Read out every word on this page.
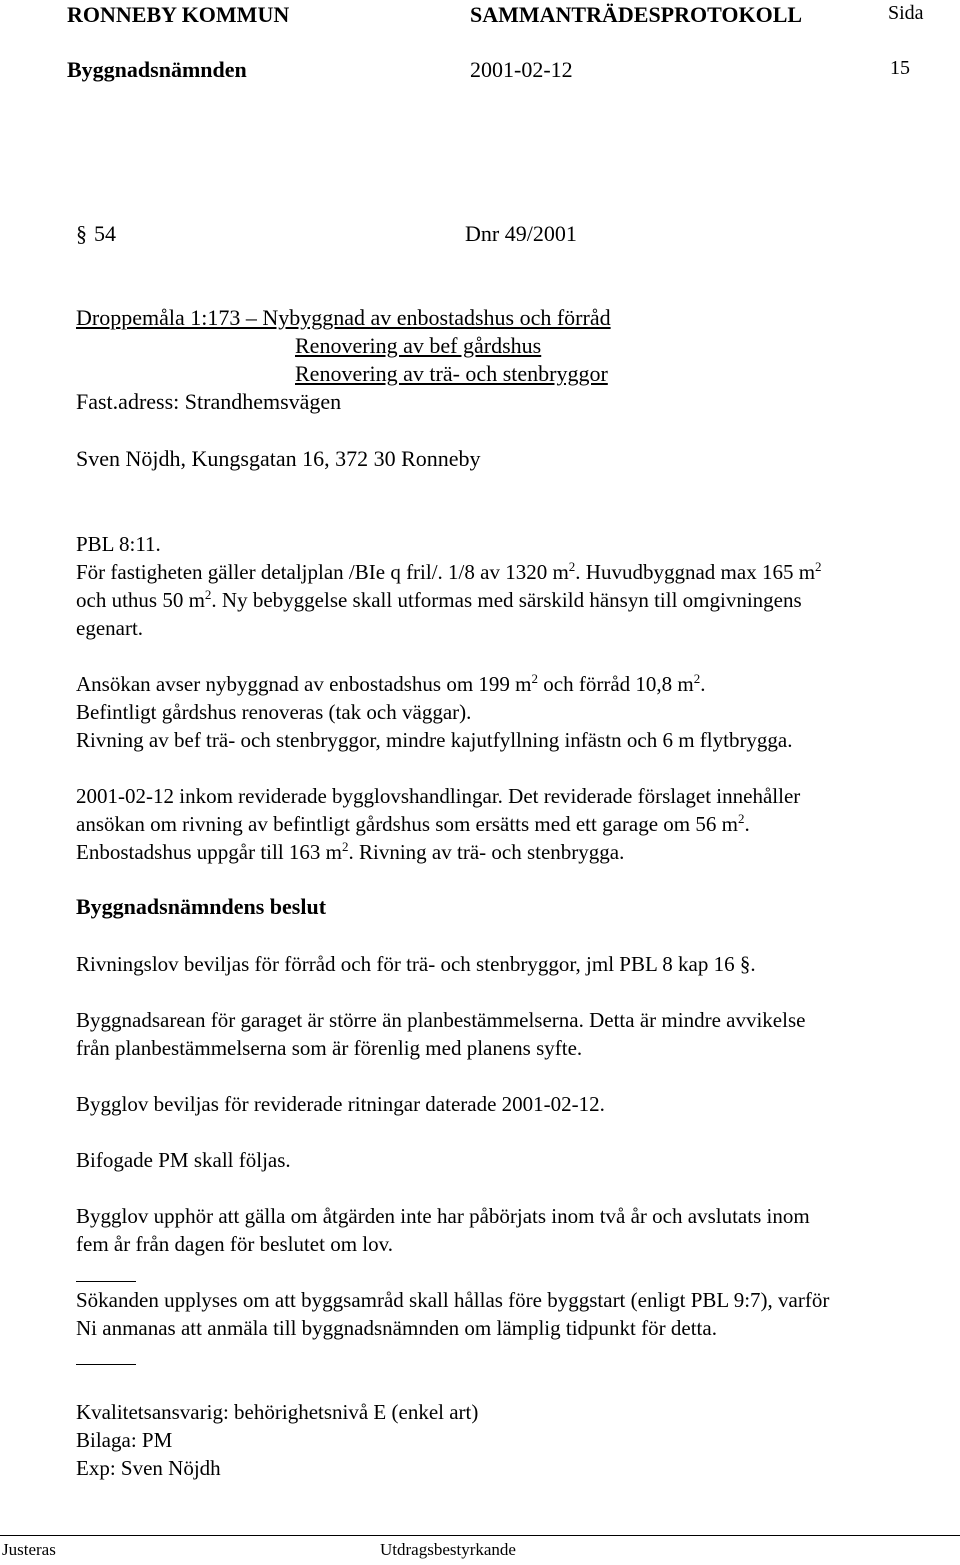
RONNEBY KOMMUN	SAMMANTRÄDESPROTOKOLL	Sida
Byggnadsnämnden	2001-02-12	15
§ 54	Dnr 49/2001
Droppemåla 1:173 – Nybyggnad av enbostadshus och förråd
Renovering av bef gårdshus
Renovering av trä- och stenbryggor
Fast.adress: Strandhemsvägen
Sven Nöjdh, Kungsgatan 16, 372 30 Ronneby
PBL 8:11.
För fastigheten gäller detaljplan /BIe q fril/. 1/8 av 1320 $m^2$. Huvudbyggnad max 165 $m^2$
och uthus 50 $m^2$. Ny bebyggelse skall utformas med särskild hänsyn till omgivningens
egenart.
Ansökan avser nybyggnad av enbostadshus om 199 $m^2$ och förråd 10,8 $m^2$.
Befintligt gårdshus renoveras (tak och väggar).
Rivning av bef trä- och stenbryggor, mindre kajutfyllning infästn och 6 m flytbrygga.
2001-02-12 inkom reviderade bygglovshandlingar. Det reviderade förslaget innehåller
ansökan om rivning av befintligt gårdshus som ersätts med ett garage om 56 $m^2$.
Enbostadshus uppgår till 163 $m^2$. Rivning av trä- och stenbrygga.
Byggnadsnämndens beslut
Rivningslov beviljas för förråd och för trä- och stenbryggor, jml PBL 8 kap 16 §.
Byggnadsarean för garaget är större än planbestämmelserna. Detta är mindre avvikelse
från planbestämmelserna som är förenlig med planens syfte.
Bygglov beviljas för reviderade ritningar daterade 2001-02-12.
Bifogade PM skall följas.
Bygglov upphör att gälla om åtgärden inte har påbörjats inom två år och avslutats inom
fem år från dagen för beslutet om lov.
Sökanden upplyses om att byggsamråd skall hållas före byggstart (enligt PBL 9:7), varför
Ni anmanas att anmäla till byggnadsnämnden om lämplig tidpunkt för detta.
Kvalitetsansvarig: behörighetsnivå E (enkel art)
Bilaga: PM
Exp: Sven Nöjdh
Justeras	Utdragsbestyrkande
